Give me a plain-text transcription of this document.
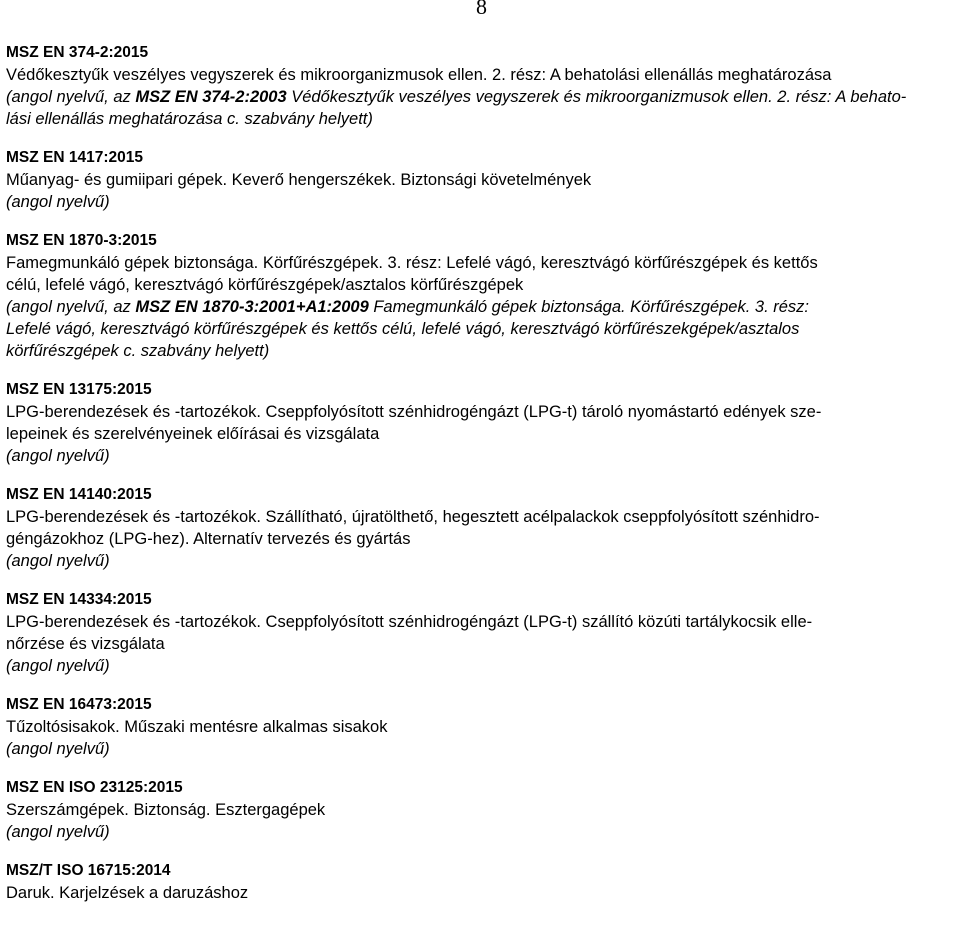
8
MSZ EN 374-2:2015
Védőkesztyűk veszélyes vegyszerek és mikroorganizmusok ellen. 2. rész: A behatolási ellenállás meghatározása
(angol nyelvű, az MSZ EN 374-2:2003 Védőkesztyűk veszélyes vegyszerek és mikroorganizmusok ellen. 2. rész: A behato-
lási ellenállás meghatározása c. szabvány helyett)
MSZ EN 1417:2015
Műanyag- és gumiipari gépek. Keverő hengerszékek. Biztonsági követelmények
(angol nyelvű)
MSZ EN 1870-3:2015
Famegmunkáló gépek biztonsága. Körfűrészgépek. 3. rész: Lefelé vágó, keresztvágó körfűrészgépek és kettős
célú, lefelé vágó, keresztvágó körfűrészgépek/asztalos körfűrészgépek
(angol nyelvű, az MSZ EN 1870-3:2001+A1:2009 Famegmunkáló gépek biztonsága. Körfűrészgépek. 3. rész:
Lefelé vágó, keresztvágó körfűrészgépek és kettős célú, lefelé vágó, keresztvágó körfűrészekgépek/asztalos
körfűrészgépek c. szabvány helyett)
MSZ EN 13175:2015
LPG-berendezések és -tartozékok. Cseppfolyósított szénhidrogéngázt (LPG-t) tároló nyomástartó edények sze-
lepeinek és szerelvényeinek előírásai és vizsgálata
(angol nyelvű)
MSZ EN 14140:2015
LPG-berendezések és -tartozékok. Szállítható, újratölthető, hegesztett acélpalackok cseppfolyósított szénhidro-
géngázokhoz (LPG-hez). Alternatív tervezés és gyártás
(angol nyelvű)
MSZ EN 14334:2015
LPG-berendezések és -tartozékok. Cseppfolyósított szénhidrogéngázt (LPG-t) szállító közúti tartálykocsik elle-
nőrzése és vizsgálata
(angol nyelvű)
MSZ EN 16473:2015
Tűzoltósisakok. Műszaki mentésre alkalmas sisakok
(angol nyelvű)
MSZ EN ISO 23125:2015
Szerszámgépek. Biztonság. Esztergagépek
(angol nyelvű)
MSZ/T ISO 16715:2014
Daruk. Karjelzések a daruzáshoz
